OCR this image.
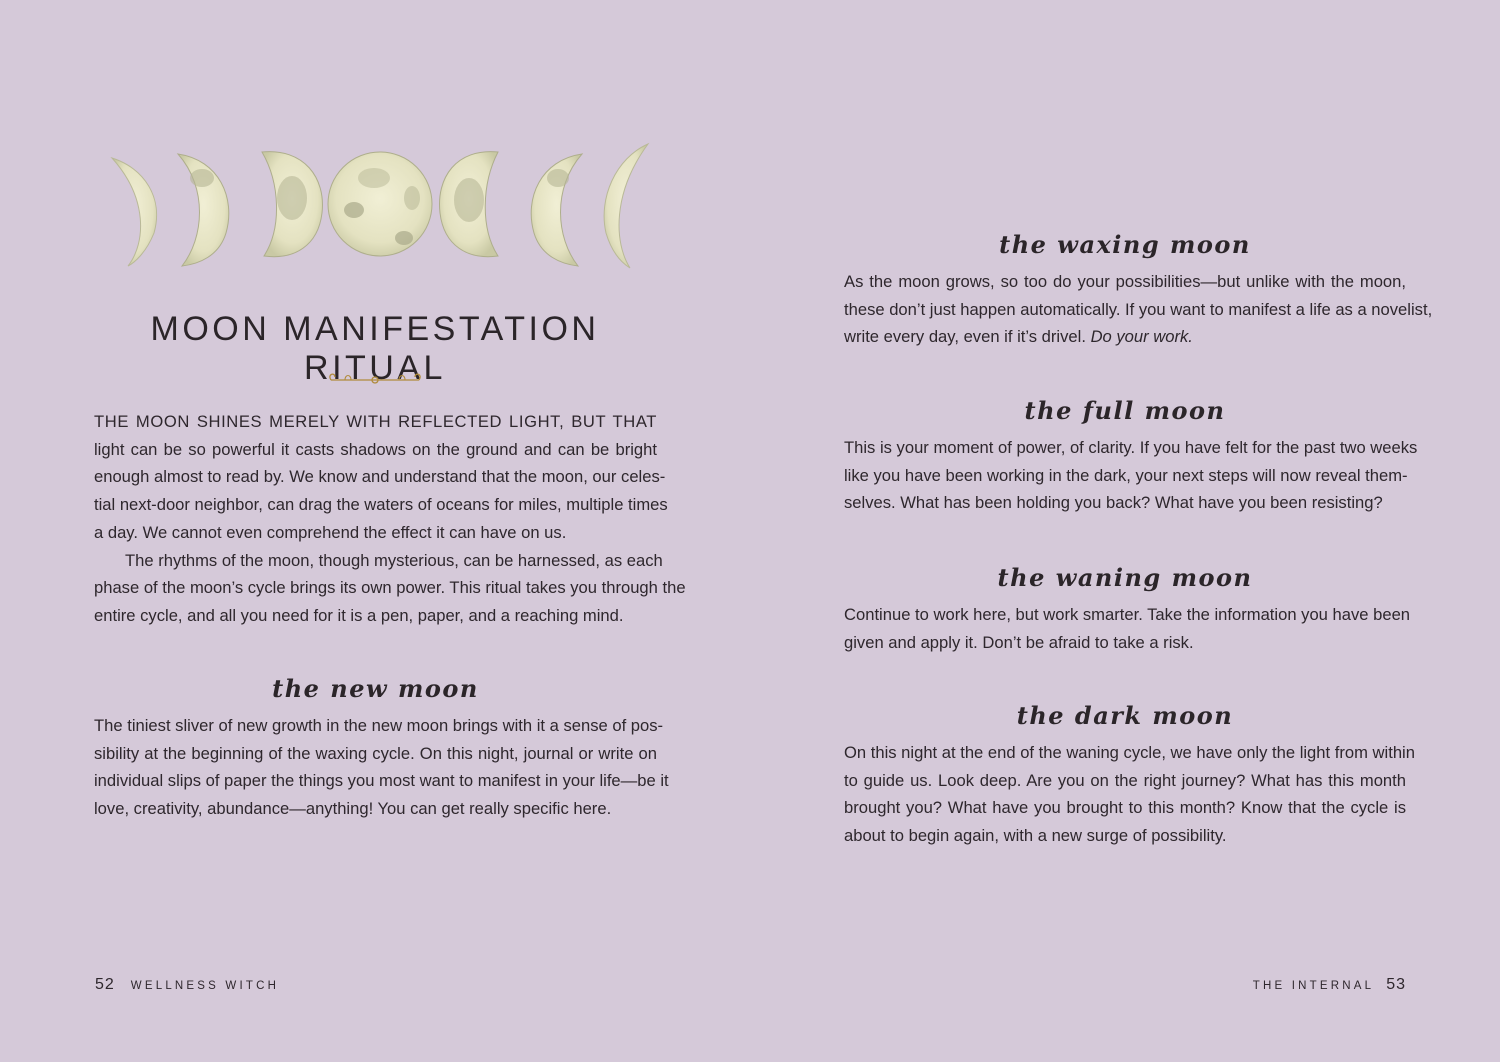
MOON MANIFESTATION RITUAL
THE MOON SHINES MERELY WITH REFLECTED LIGHT, BUT THAT
light can be so powerful it casts shadows on the ground and can be bright
enough almost to read by. We know and understand that the moon, our celes-
tial next-door neighbor, can drag the waters of oceans for miles, multiple times
a day. We cannot even comprehend the effect it can have on us.
The rhythms of the moon, though mysterious, can be harnessed, as each
phase of the moon’s cycle brings its own power. This ritual takes you through the
entire cycle, and all you need for it is a pen, paper, and a reaching mind.
the new moon
The tiniest sliver of new growth in the new moon brings with it a sense of pos-
sibility at the beginning of the waxing cycle. On this night, journal or write on
individual slips of paper the things you most want to manifest in your life—be it
love, creativity, abundance—anything! You can get really specific here.
52 WELLNESS WITCH
the waxing moon
As the moon grows, so too do your possibilities—but unlike with the moon,
these don’t just happen automatically. If you want to manifest a life as a novelist,
write every day, even if it’s drivel. Do your work.
the full moon
This is your moment of power, of clarity. If you have felt for the past two weeks
like you have been working in the dark, your next steps will now reveal them-
selves. What has been holding you back? What have you been resisting?
the waning moon
Continue to work here, but work smarter. Take the information you have been
given and apply it. Don’t be afraid to take a risk.
the dark moon
On this night at the end of the waning cycle, we have only the light from within
to guide us. Look deep. Are you on the right journey? What has this month
brought you? What have you brought to this month? Know that the cycle is
about to begin again, with a new surge of possibility.
THE INTERNAL 53
